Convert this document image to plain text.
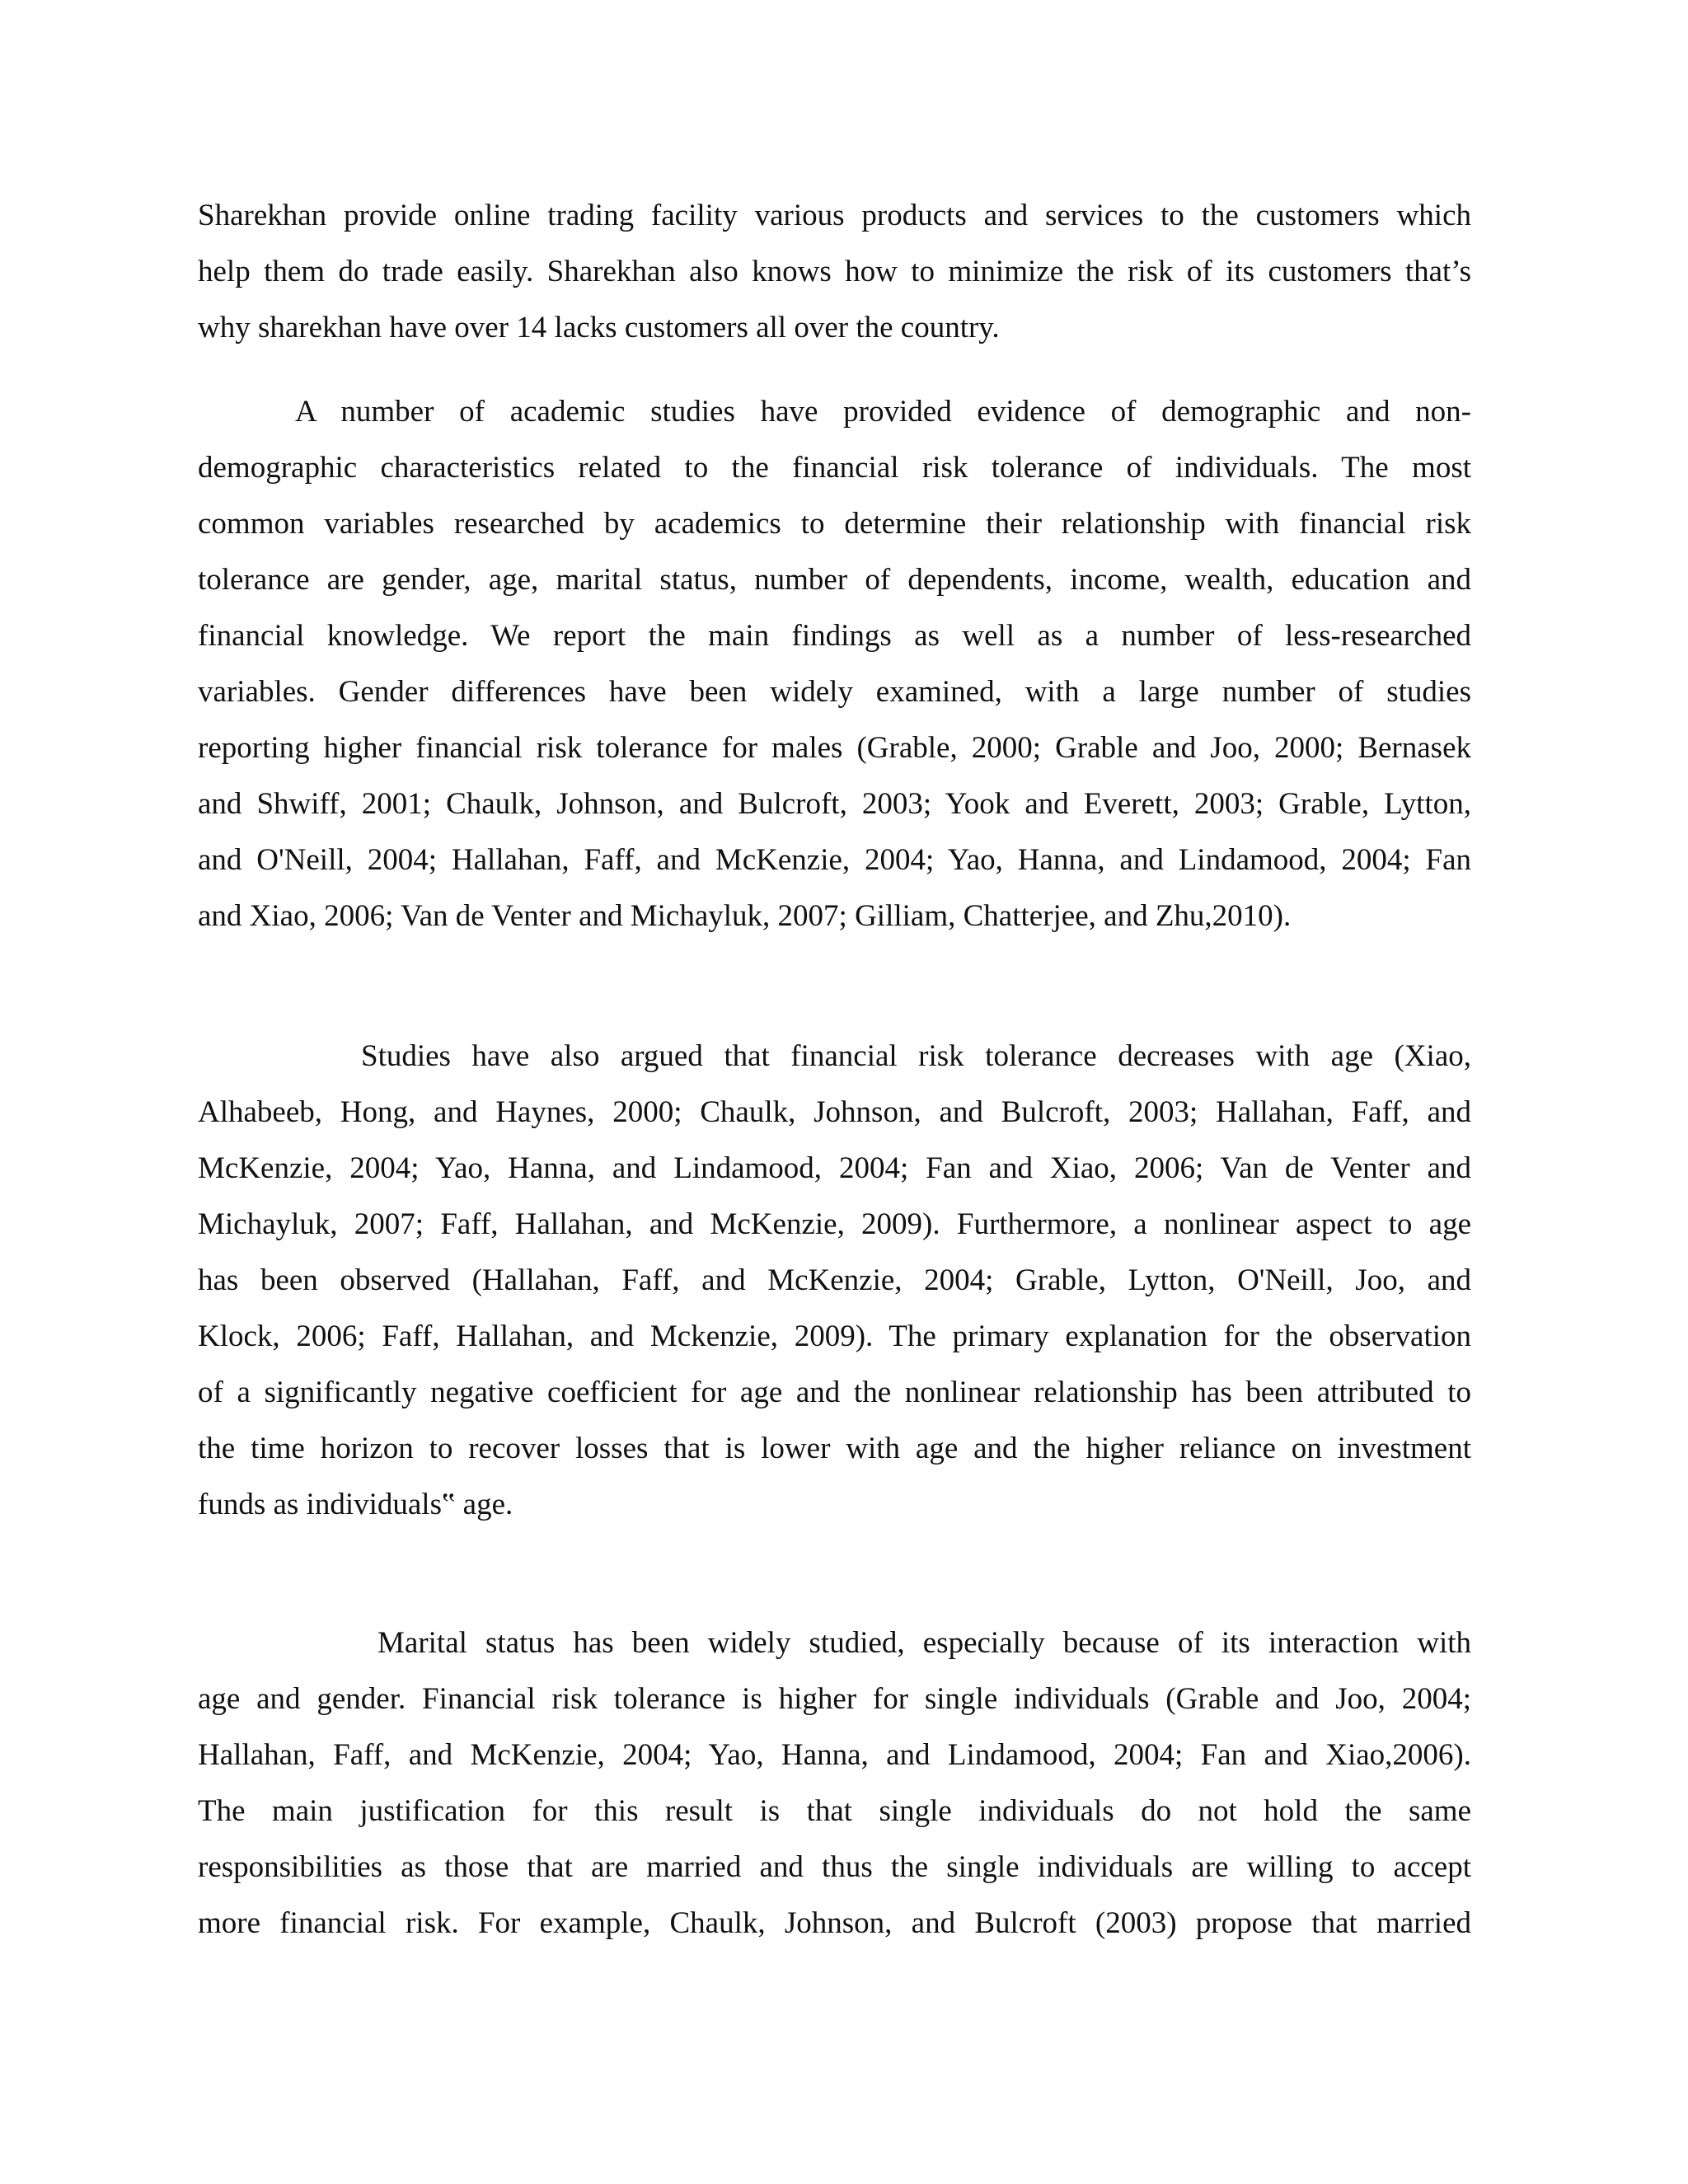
Sharekhan provide online trading facility various products and services to the customers which
help them do trade easily. Sharekhan also knows how to minimize the risk of its customers that’s
why sharekhan have over 14 lacks customers all over the country.

A number of academic studies have provided evidence of demographic and non-
demographic characteristics related to the financial risk tolerance of individuals. The most
common variables researched by academics to determine their relationship with financial risk
tolerance are gender, age, marital status, number of dependents, income, wealth, education and
financial knowledge. We report the main findings as well as a number of less-researched
variables. Gender differences have been widely examined, with a large number of studies
reporting higher financial risk tolerance for males (Grable, 2000; Grable and Joo, 2000; Bernasek
and Shwiff, 2001; Chaulk, Johnson, and Bulcroft, 2003; Yook and Everett, 2003; Grable, Lytton,
and O'Neill, 2004; Hallahan, Faff, and McKenzie, 2004; Yao, Hanna, and Lindamood, 2004; Fan
and Xiao, 2006; Van de Venter and Michayluk, 2007; Gilliam, Chatterjee, and Zhu,2010).

Studies have also argued that financial risk tolerance decreases with age (Xiao,
Alhabeeb, Hong, and Haynes, 2000; Chaulk, Johnson, and Bulcroft, 2003; Hallahan, Faff, and
McKenzie, 2004; Yao, Hanna, and Lindamood, 2004; Fan and Xiao, 2006; Van de Venter and
Michayluk, 2007; Faff, Hallahan, and McKenzie, 2009). Furthermore, a nonlinear aspect to age
has been observed (Hallahan, Faff, and McKenzie, 2004; Grable, Lytton, O'Neill, Joo, and
Klock, 2006; Faff, Hallahan, and Mckenzie, 2009). The primary explanation for the observation
of a significantly negative coefficient for age and the nonlinear relationship has been attributed to
the time horizon to recover losses that is lower with age and the higher reliance on investment
funds as individuals‟ age.

Marital status has been widely studied, especially because of its interaction with
age and gender. Financial risk tolerance is higher for single individuals (Grable and Joo, 2004;
Hallahan, Faff, and McKenzie, 2004; Yao, Hanna, and Lindamood, 2004; Fan and Xiao,2006).
The main justification for this result is that single individuals do not hold the same
responsibilities as those that are married and thus the single individuals are willing to accept
more financial risk. For example, Chaulk, Johnson, and Bulcroft (2003) propose that married
